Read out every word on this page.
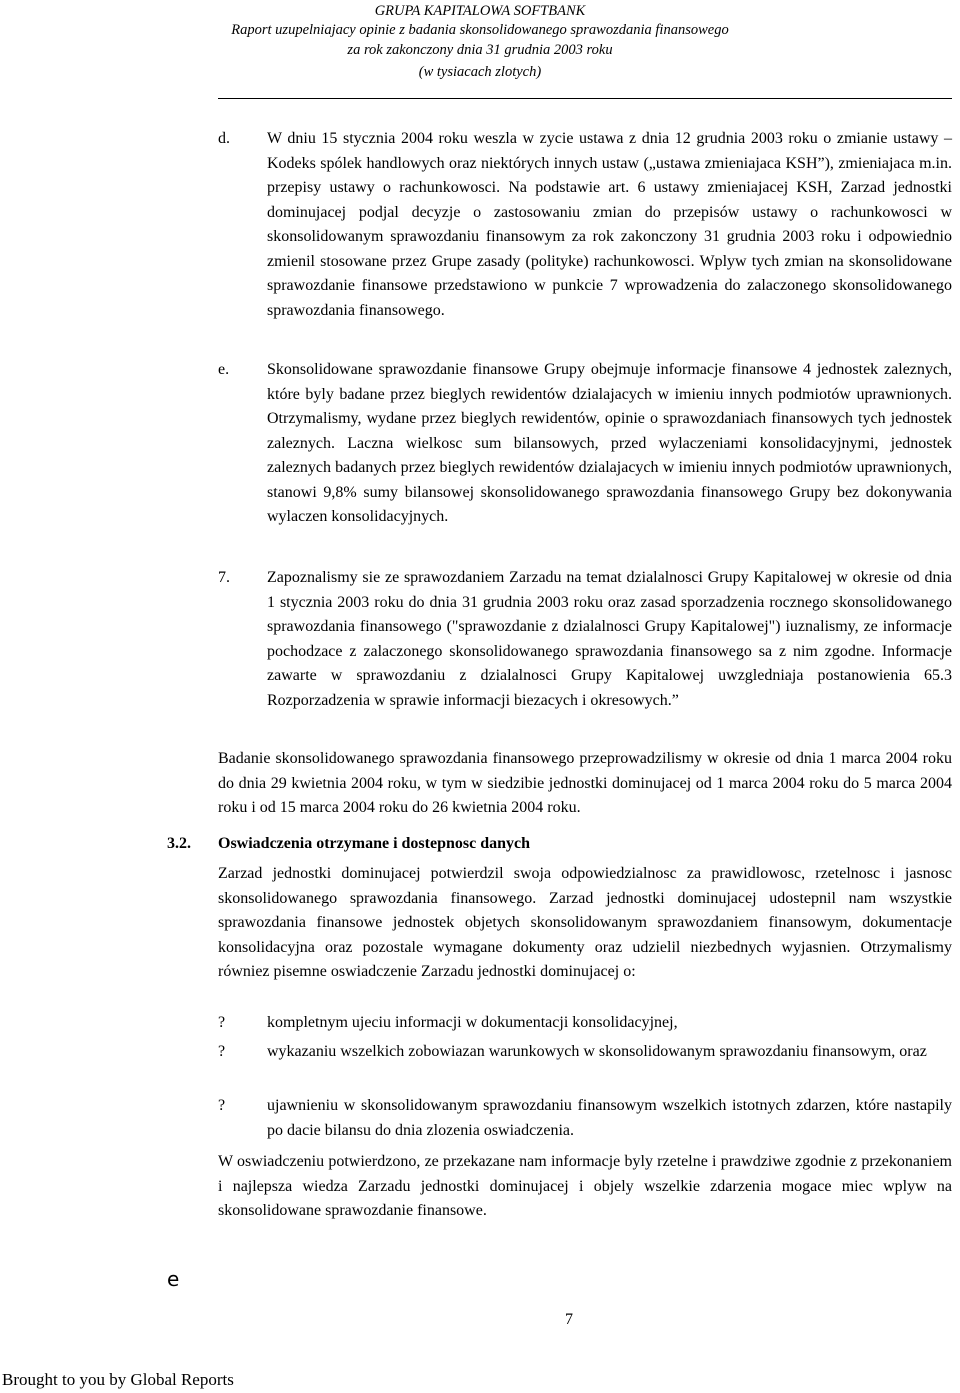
GRUPA KAPITALOWA SOFTBANK
Raport uzupelniajacy opinie z badania skonsolidowanego sprawozdania finansowego
za rok zakonczony dnia 31 grudnia 2003 roku
(w tysiacach zlotych)
d. W dniu 15 stycznia 2004 roku weszla w zycie ustawa z dnia 12 grudnia 2003 roku o zmianie ustawy – Kodeks spólek handlowych oraz niektórych innych ustaw („ustawa zmieniajaca KSH”), zmieniajaca m.in. przepisy ustawy o rachunkowosci. Na podstawie art. 6 ustawy zmieniajacej KSH, Zarzad jednostki dominujacej podjal decyzje o zastosowaniu zmian do przepisów ustawy o rachunkowosci w skonsolidowanym sprawozdaniu finansowym za rok zakonczony 31 grudnia 2003 roku i odpowiednio zmienil stosowane przez Grupe zasady (polityke) rachunkowosci. Wplyw tych zmian na skonsolidowane sprawozdanie finansowe przedstawiono w punkcie 7 wprowadzenia do zalaczonego skonsolidowanego sprawozdania finansowego.
e. Skonsolidowane sprawozdanie finansowe Grupy obejmuje informacje finansowe 4 jednostek zaleznych, które byly badane przez bieglych rewidentów dzialajacych w imieniu innych podmiotów uprawnionych. Otrzymalismy, wydane przez bieglych rewidentów, opinie o sprawozdaniach finansowych tych jednostek zaleznych. Laczna wielkosc sum bilansowych, przed wylaczeniami konsolidacyjnymi, jednostek zaleznych badanych przez bieglych rewidentów dzialajacych w imieniu innych podmiotów uprawnionych, stanowi 9,8% sumy bilansowej skonsolidowanego sprawozdania finansowego Grupy bez dokonywania wylaczen konsolidacyjnych.
7. Zapoznalismy sie ze sprawozdaniem Zarzadu na temat dzialalnosci Grupy Kapitalowej w okresie od dnia 1 stycznia 2003 roku do dnia 31 grudnia 2003 roku oraz zasad sporzadzenia rocznego skonsolidowanego sprawozdania finansowego ("sprawozdanie z dzialalnosci Grupy Kapitalowej") iuznalismy, ze informacje pochodzace z zalaczonego skonsolidowanego sprawozdania finansowego sa z nim zgodne. Informacje zawarte w sprawozdaniu z dzialalnosci Grupy Kapitalowej uwzgledniaja postanowienia 65.3 Rozporzadzenia w sprawie informacji biezacych i okresowych.”
Badanie skonsolidowanego sprawozdania finansowego przeprowadzilismy w okresie od dnia 1 marca 2004 roku do dnia 29 kwietnia 2004 roku, w tym w siedzibie jednostki dominujacej od 1 marca 2004 roku do 5 marca 2004 roku i od 15 marca 2004 roku do 26 kwietnia 2004 roku.
3.2. Oswiadczenia otrzymane i dostepnosc danych
Zarzad jednostki dominujacej potwierdzil swoja odpowiedzialnosc za prawidlowosc, rzetelnosc i jasnosc skonsolidowanego sprawozdania finansowego. Zarzad jednostki dominujacej udostepnil nam wszystkie sprawozdania finansowe jednostek objetych skonsolidowanym sprawozdaniem finansowym, dokumentacje konsolidacyjna oraz pozostale wymagane dokumenty oraz udzielil niezbednych wyjasnien. Otrzymalismy równiez pisemne oswiadczenie Zarzadu jednostki dominujacej o:
?	kompletnym ujeciu informacji w dokumentacji konsolidacyjnej,
?	wykazaniu wszelkich zobowiazan warunkowych w skonsolidowanym sprawozdaniu finansowym, oraz
?	ujawnieniu w skonsolidowanym sprawozdaniu finansowym wszelkich istotnych zdarzen, które nastapily po dacie bilansu do dnia zlozenia oswiadczenia.
W oswiadczeniu potwierdzono, ze przekazane nam informacje byly rzetelne i prawdziwe zgodnie z przekonaniem i najlepsza wiedza Zarzadu jednostki dominujacej i objely wszelkie zdarzenia mogace miec wplyw na skonsolidowane sprawozdanie finansowe.
e
7
Brought to you by Global Reports
